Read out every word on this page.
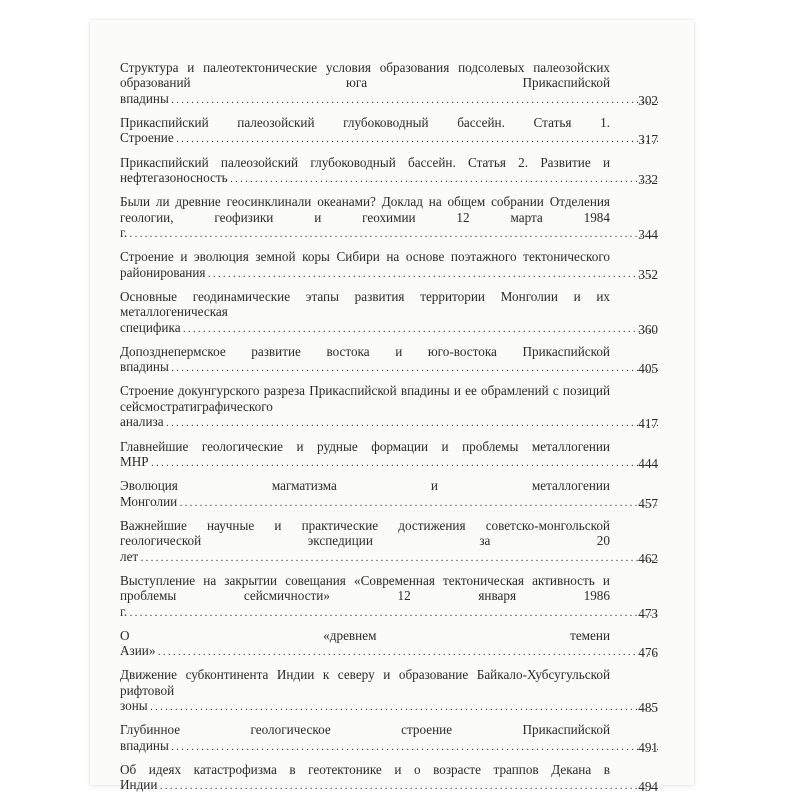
Структура и палеотектонические условия образования подсолевых палеозойских образований юга Прикаспийской впадины . . .	302
Прикаспийский палеозойский глубоководный бассейн. Статья 1. Строение . . .	317
Прикаспийский палеозойский глубоководный бассейн. Статья 2. Развитие и нефтегазоносность . . .	332
Были ли древние геосинклинали океанами? Доклад на общем собрании Отделения геологии, геофизики и геохимии 12 марта 1984 г. . . .	344
Строение и эволюция земной коры Сибири на основе поэтажного тектонического районирования . . .	352
Основные геодинамические этапы развития территории Монголии и их металлогеническая специфика . . .	360
Допозднепермское развитие востока и юго-востока Прикаспийской впадины . . .	405
Строение докунгурского разреза Прикаспийской впадины и ее обрамлений с позиций сейсмостратиграфического анализа . . .	417
Главнейшие геологические и рудные формации и проблемы металлогении МНР . . .	444
Эволюция магматизма и металлогении Монголии . . .	457
Важнейшие научные и практические достижения советско-монгольской геологической экспедиции за 20 лет . . .	462
Выступление на закрытии совещания «Современная тектоническая активность и проблемы сейсмичности» 12 января 1986 г. . . .	473
О «древнем темени Азии» . . .	476
Движение субконтинента Индии к северу и образование Байкало-Хубсугульской рифтовой зоны . . .	485
Глубинное геологическое строение Прикаспийской впадины . . .	491
Об идеях катастрофизма в геотектонике и о возрасте траппов Декана в Индии . . .	494
